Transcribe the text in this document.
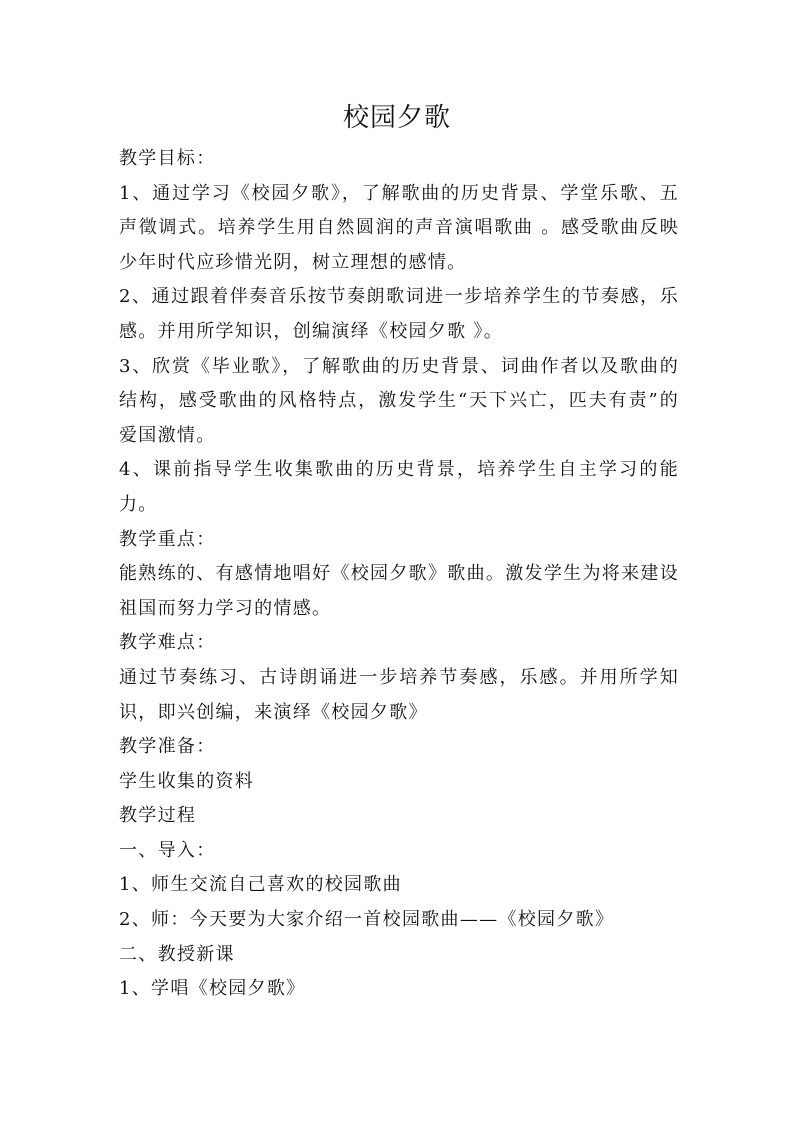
校园夕歌

教学目标：

1、通过学习《校园夕歌》，了解歌曲的历史背景、学堂乐歌、五声徵调式。培养学生用自然圆润的声音演唱歌曲 。感受歌曲反映少年时代应珍惜光阴，树立理想的感情。

2、通过跟着伴奏音乐按节奏朗歌词进一步培养学生的节奏感，乐感。并用所学知识，创编演绎《校园夕歌 》。

3、欣赏《毕业歌》，了解歌曲的历史背景、词曲作者以及歌曲的结构，感受歌曲的风格特点，激发学生“天下兴亡，匹夫有责”的爱国激情。

4、课前指导学生收集歌曲的历史背景，培养学生自主学习的能力。

教学重点：

能熟练的、有感情地唱好《校园夕歌》歌曲。激发学生为将来建设祖国而努力学习的情感。

教学难点：

通过节奏练习、古诗朗诵进一步培养节奏感，乐感。并用所学知识，即兴创编，来演绎《校园夕歌》

教学准备：

学生收集的资料

教学过程

一、导入：

1、师生交流自己喜欢的校园歌曲

2、师：今天要为大家介绍一首校园歌曲——《校园夕歌》

二、教授新课

1、学唱《校园夕歌》
